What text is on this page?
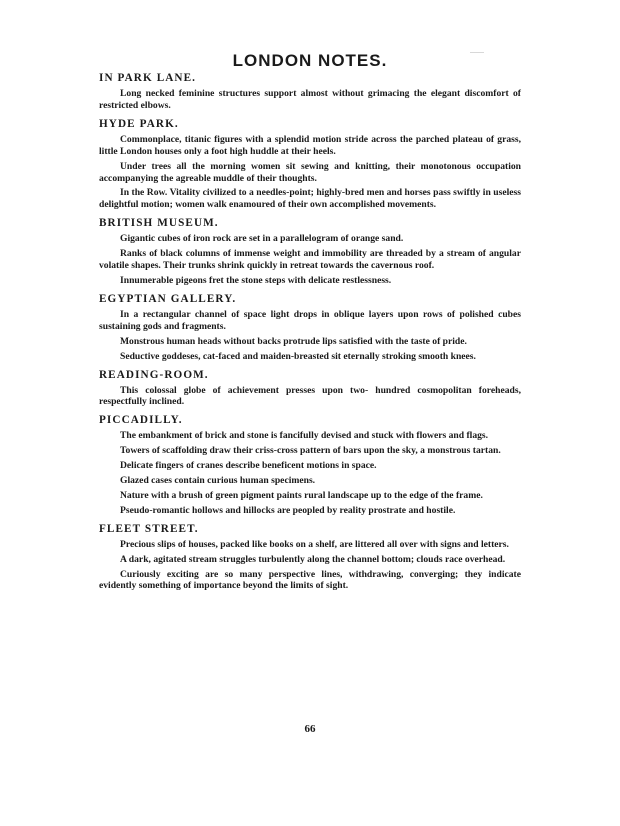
LONDON NOTES.
IN PARK LANE.

Long necked feminine structures support almost without grimacing the elegant discomfort of restricted elbows.

HYDE PARK.

Commonplace, titanic figures with a splendid motion stride across the parched plateau of grass, little London houses only a foot high huddle at their heels.

Under trees all the morning women sit sewing and knitting, their monotonous occupation accompanying the agreable muddle of their thoughts.

In the Row. Vitality civilized to a needles-point; highly-bred men and horses pass swiftly in useless delightful motion; women walk enamoured of their own accomplished movements.

BRITISH MUSEUM.

Gigantic cubes of iron rock are set in a parallelogram of orange sand.

Ranks of black columns of immense weight and immobility are threaded by a stream of angular volatile shapes. Their trunks shrink quickly in retreat towards the cavernous roof.

Innumerable pigeons fret the stone steps with delicate restlessness.

EGYPTIAN GALLERY.

In a rectangular channel of space light drops in oblique layers upon rows of polished cubes sustaining gods and fragments.

Monstrous human heads without backs protrude lips satisfied with the taste of pride.

Seductive goddeses, cat-faced and maiden-breasted sit eternally stroking smooth knees.

READING-ROOM.

This colossal globe of achievement presses upon two- hundred cosmopolitan foreheads, respectfully inclined.

PICCADILLY.

The embankment of brick and stone is fancifully devised and stuck with flowers and flags.

Towers of scaffolding draw their criss-cross pattern of bars upon the sky, a monstrous tartan.

Delicate fingers of cranes describe beneficent motions in space.

Glazed cases contain curious human specimens.

Nature with a brush of green pigment paints rural landscape up to the edge of the frame.

Pseudo-romantic hollows and hillocks are peopled by reality prostrate and hostile.

FLEET STREET.

Precious slips of houses, packed like books on a shelf, are littered all over with signs and letters.

A dark, agitated stream struggles turbulently along the channel bottom; clouds race overhead.

Curiously exciting are so many perspective lines, withdrawing, converging; they indicate evidently something of importance beyond the limits of sight.

66
